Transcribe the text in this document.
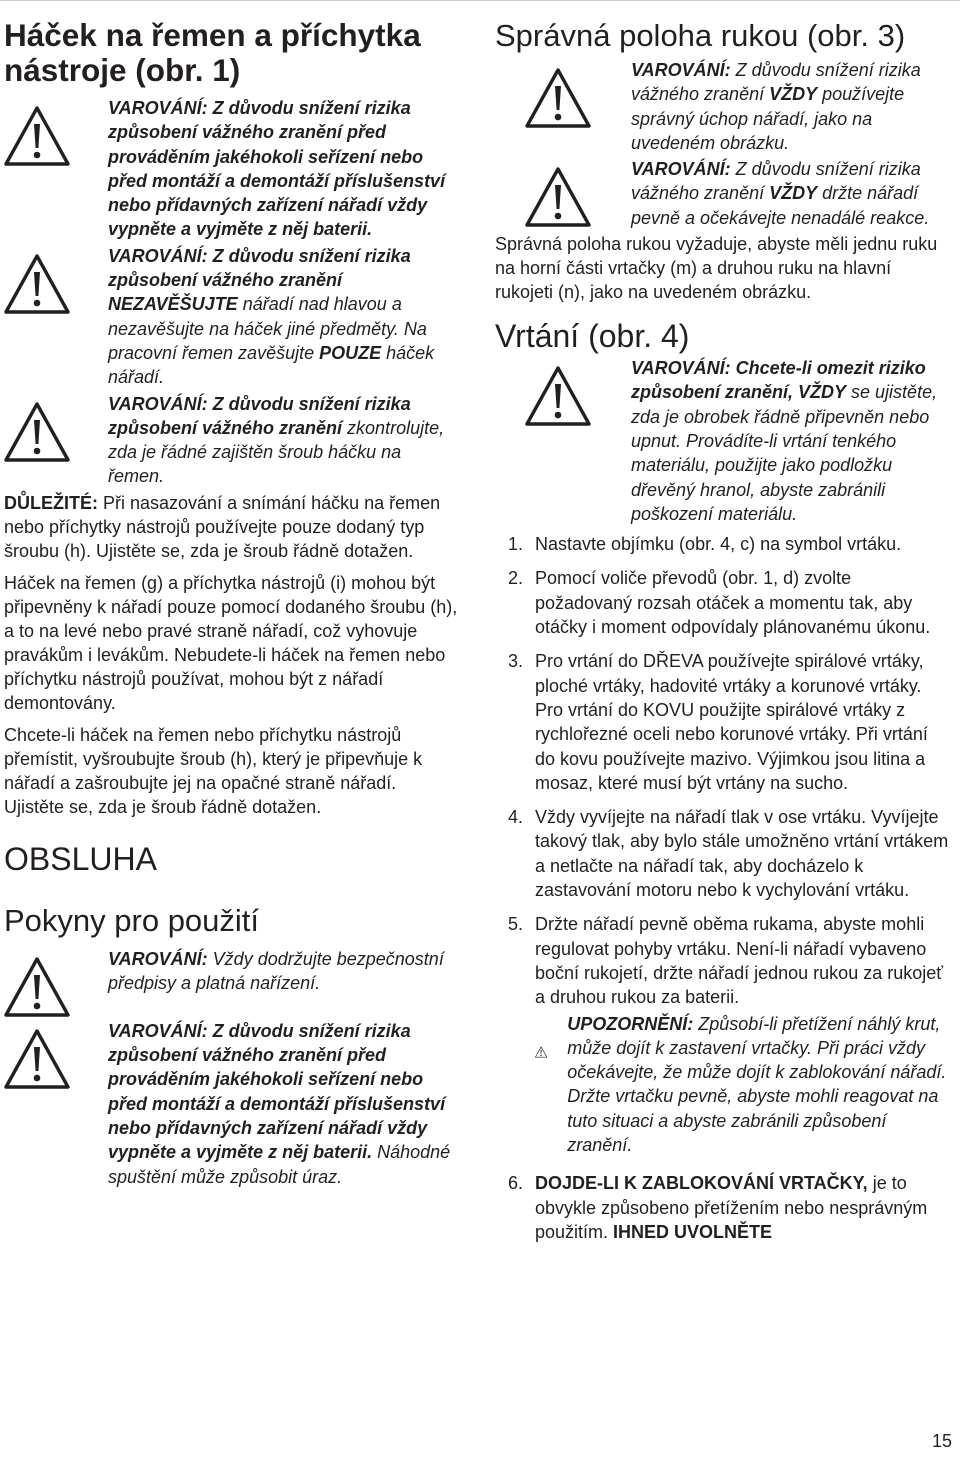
Háček na řemen a příchytka nástroje (obr. 1)
VAROVÁNÍ: Z důvodu snížení rizika způsobení vážného zranění před prováděním jakéhokoli seřízení nebo před montáží a demontáží příslušenství nebo přídavných zařízení nářadí vždy vypněte a vyjměte z něj baterii.
VAROVÁNÍ: Z důvodu snížení rizika způsobení vážného zranění NEZAVĚŠUJTE nářadí nad hlavou a nezavěšujte na háček jiné předměty. Na pracovní řemen zavěšujte POUZE háček nářadí.
VAROVÁNÍ: Z důvodu snížení rizika způsobení vážného zranění zkontrolujte, zda je řádné zajištěn šroub háčku na řemen.

DŮLEŽITÉ: Při nasazování a snímání háčku na řemen nebo příchytky nástrojů používejte pouze dodaný typ šroubu (h). Ujistěte se, zda je šroub řádně dotažen.

Háček na řemen (g) a příchytka nástrojů (i) mohou být připevněny k nářadí pouze pomocí dodaného šroubu (h), a to na levé nebo pravé straně nářadí, což vyhovuje pravákům i levákům. Nebudete-li háček na řemen nebo příchytku nástrojů používat, mohou být z nářadí demontovány.

Chcete-li háček na řemen nebo příchytku nástrojů přemístit, vyšroubujte šroub (h), který je připevňuje k nářadí a zašroubujte jej na opačné straně nářadí. Ujistěte se, zda je šroub řádně dotažen.

OBSLUHA
Pokyny pro použití
VAROVÁNÍ: Vždy dodržujte bezpečnostní předpisy a platná nařízení.
VAROVÁNÍ: Z důvodu snížení rizika způsobení vážného zranění před prováděním jakéhokoli seřízení nebo před montáží a demontáží příslušenství nebo přídavných zařízení nářadí vždy vypněte a vyjměte z něj baterii. Náhodné spuštění může způsobit úraz.
Správná poloha rukou (obr. 3)
VAROVÁNÍ: Z důvodu snížení rizika vážného zranění VŽDY používejte správný úchop nářadí, jako na uvedeném obrázku.
VAROVÁNÍ: Z důvodu snížení rizika vážného zranění VŽDY držte nářadí pevně a očekávejte nenadálé reakce.

Správná poloha rukou vyžaduje, abyste měli jednu ruku na horní části vrtačky (m) a druhou ruku na hlavní rukojeti (n), jako na uvedeném obrázku.

Vrtání (obr. 4)
VAROVÁNÍ: Chcete-li omezit riziko způsobení zranění, VŽDY se ujistěte, zda je obrobek řádně připevněn nebo upnut. Provádíte-li vrtání tenkého materiálu, použijte jako podložku dřevěný hranol, abyste zabránili poškození materiálu.
1. Nastavte objímku (obr. 4, c) na symbol vrtáku.
2. Pomocí voliče převodů (obr. 1, d) zvolte požadovaný rozsah otáček a momentu tak, aby otáčky i moment odpovídaly plánovanému úkonu.
3. Pro vrtání do DŘEVA používejte spirálové vrtáky, ploché vrtáky, hadovité vrtáky a korunové vrtáky. Pro vrtání do KOVU použijte spirálové vrtáky z rychlořezné oceli nebo korunové vrtáky. Při vrtání do kovu používejte mazivo. Výjimkou jsou litina a mosaz, které musí být vrtány na sucho.
4. Vždy vyvíjejte na nářadí tlak v ose vrtáku. Vyvíjejte takový tlak, aby bylo stále umožněno vrtání vrtákem a netlačte na nářadí tak, aby docházelo k zastavování motoru nebo k vychylování vrtáku.
5. Držte nářadí pevně oběma rukama, abyste mohli regulovat pohyby vrtáku. Není-li nářadí vybaveno boční rukojetí, držte nářadí jednou rukou za rukojeť a druhou rukou za baterii.
UPOZORNĚNÍ: Způsobí-li přetížení náhlý krut, může dojít k zastavení vrtačky. Při práci vždy očekávejte, že může dojít k zablokování nářadí. Držte vrtačku pevně, abyste mohli reagovat na tuto situaci a abyste zabránili způsobení zranění.
6. DOJDE-LI K ZABLOKOVÁNÍ VRTAČKY, je to obvykle způsobeno přetížením nebo nesprávným použitím. IHNED UVOLNĚTE
15
